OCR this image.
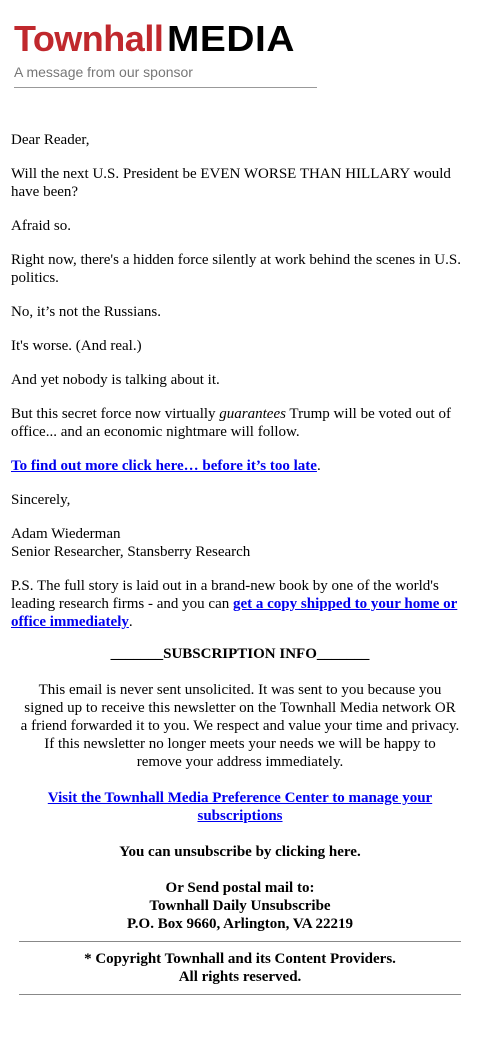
Townhall MEDIA
A message from our sponsor

Dear Reader,

Will the next U.S. President be EVEN WORSE THAN HILLARY would have been?

Afraid so.

Right now, there's a hidden force silently at work behind the scenes in U.S. politics.

No, it’s not the Russians.

It's worse. (And real.)

And yet nobody is talking about it.

But this secret force now virtually guarantees Trump will be voted out of office... and an economic nightmare will follow.

To find out more click here… before it’s too late.

Sincerely,

Adam Wiederman
Senior Researcher, Stansberry Research

P.S. The full story is laid out in a brand-new book by one of the world's leading research firms - and you can get a copy shipped to your home or office immediately.

_______SUBSCRIPTION INFO_______
This email is never sent unsolicited. It was sent to you because you signed up to receive this newsletter on the Townhall Media network OR a friend forwarded it to you. We respect and value your time and privacy. If this newsletter no longer meets your needs we will be happy to remove your address immediately.
Visit the Townhall Media Preference Center to manage your subscriptions
You can unsubscribe by clicking here.
Or Send postal mail to:
Townhall Daily Unsubscribe
P.O. Box 9660, Arlington, VA 22219
* Copyright Townhall and its Content Providers.
All rights reserved.
